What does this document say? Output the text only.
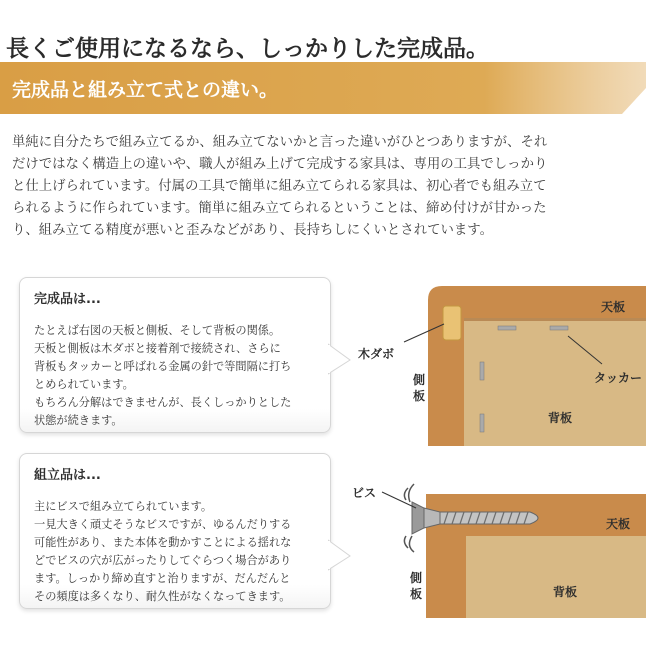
長くご使用になるなら、しっかりした完成品。
完成品と組み立て式との違い。
単純に自分たちで組み立てるか、組み立てないかと言った違いがひとつありますが、それ
だけではなく構造上の違いや、職人が組み上げて完成する家具は、専用の工具でしっかり
と仕上げられています。付属の工具で簡単に組み立てられる家具は、初心者でも組み立て
られるように作られています。簡単に組み立てられるということは、締め付けが甘かった
り、組み立てる精度が悪いと歪みなどがあり、長持ちしにくいとされています。
完成品は...
たとえば右図の天板と側板、そして背板の関係。
天板と側板は木ダボと接着剤で接続され、さらに
背板もタッカーと呼ばれる金属の針で等間隔に打ち
とめられています。
もちろん分解はできませんが、長くしっかりとした
状態が続きます。
天板
木ダボ
タッカー
背板
側板
組立品は...
主にビスで組み立てられています。
一見大きく頑丈そうなビスですが、ゆるんだりする
可能性があり、また本体を動かすことによる揺れな
どでビスの穴が広がったりしてぐらつく場合があり
ます。しっかり締め直すと治りますが、だんだんと
その頻度は多くなり、耐久性がなくなってきます。
ビス
天板
背板
側板
